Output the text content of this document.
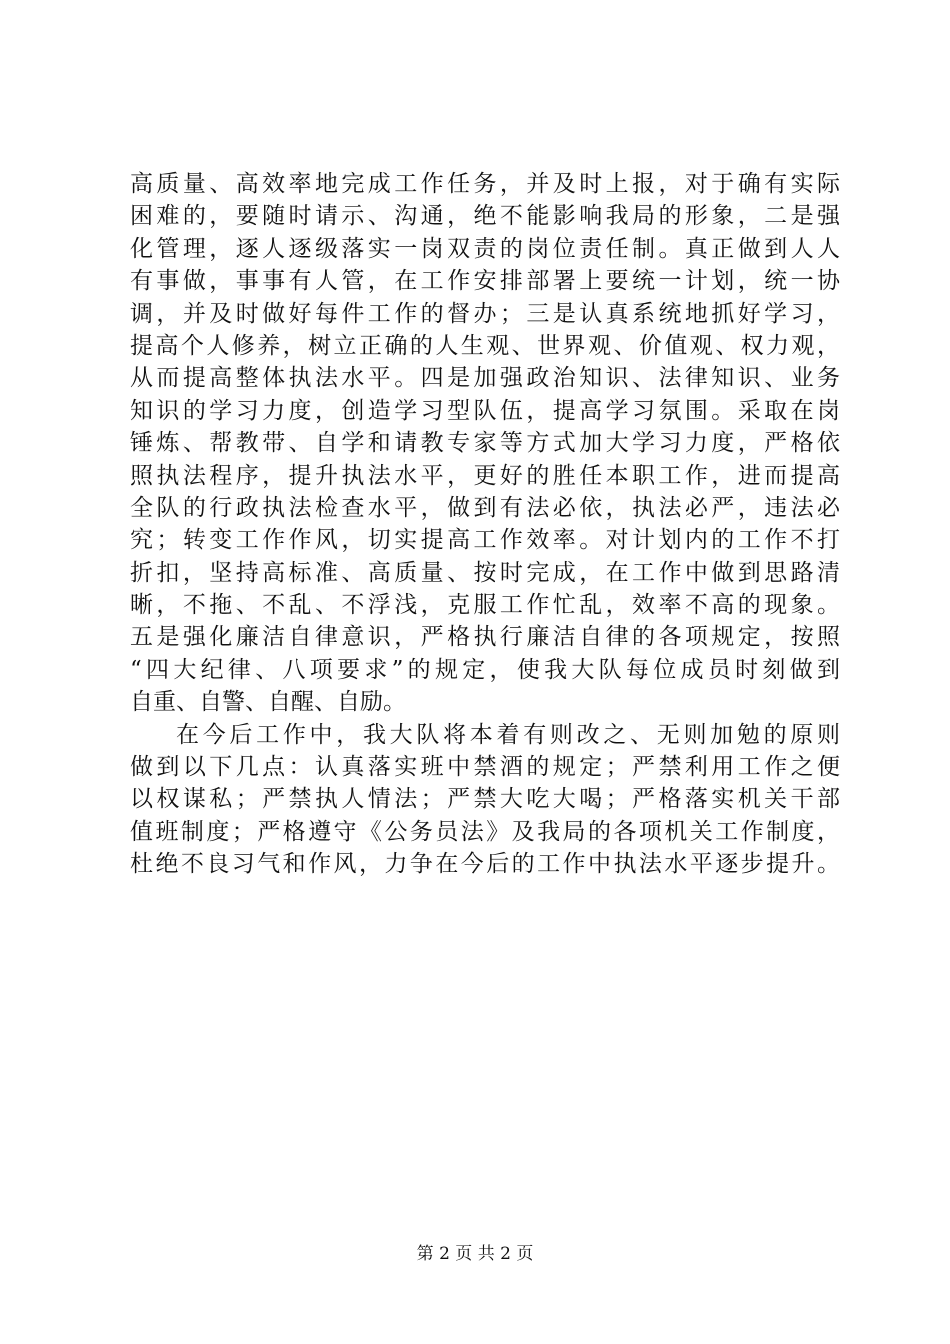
高质量、高效率地完成工作任务，并及时上报，对于确有实际
困难的，要随时请示、沟通，绝不能影响我局的形象，二是强
化管理，逐人逐级落实一岗双责的岗位责任制。真正做到人人
有事做，事事有人管，在工作安排部署上要统一计划，统一协
调，并及时做好每件工作的督办；三是认真系统地抓好学习，
提高个人修养，树立正确的人生观、世界观、价值观、权力观，
从而提高整体执法水平。四是加强政治知识、法律知识、业务
知识的学习力度，创造学习型队伍，提高学习氛围。采取在岗
锤炼、帮教带、自学和请教专家等方式加大学习力度，严格依
照执法程序，提升执法水平，更好的胜任本职工作，进而提高
全队的行政执法检查水平，做到有法必依，执法必严，违法必
究；转变工作作风，切实提高工作效率。对计划内的工作不打
折扣，坚持高标准、高质量、按时完成，在工作中做到思路清
晰，不拖、不乱、不浮浅，克服工作忙乱，效率不高的现象。
五是强化廉洁自律意识，严格执行廉洁自律的各项规定，按照
“四大纪律、八项要求”的规定，使我大队每位成员时刻做到
自重、自警、自醒、自励。
在今后工作中，我大队将本着有则改之、无则加勉的原则
做到以下几点：认真落实班中禁酒的规定；严禁利用工作之便
以权谋私；严禁执人情法；严禁大吃大喝；严格落实机关干部
值班制度；严格遵守《公务员法》及我局的各项机关工作制度，
杜绝不良习气和作风，力争在今后的工作中执法水平逐步提升。
第 2 页 共 2 页
